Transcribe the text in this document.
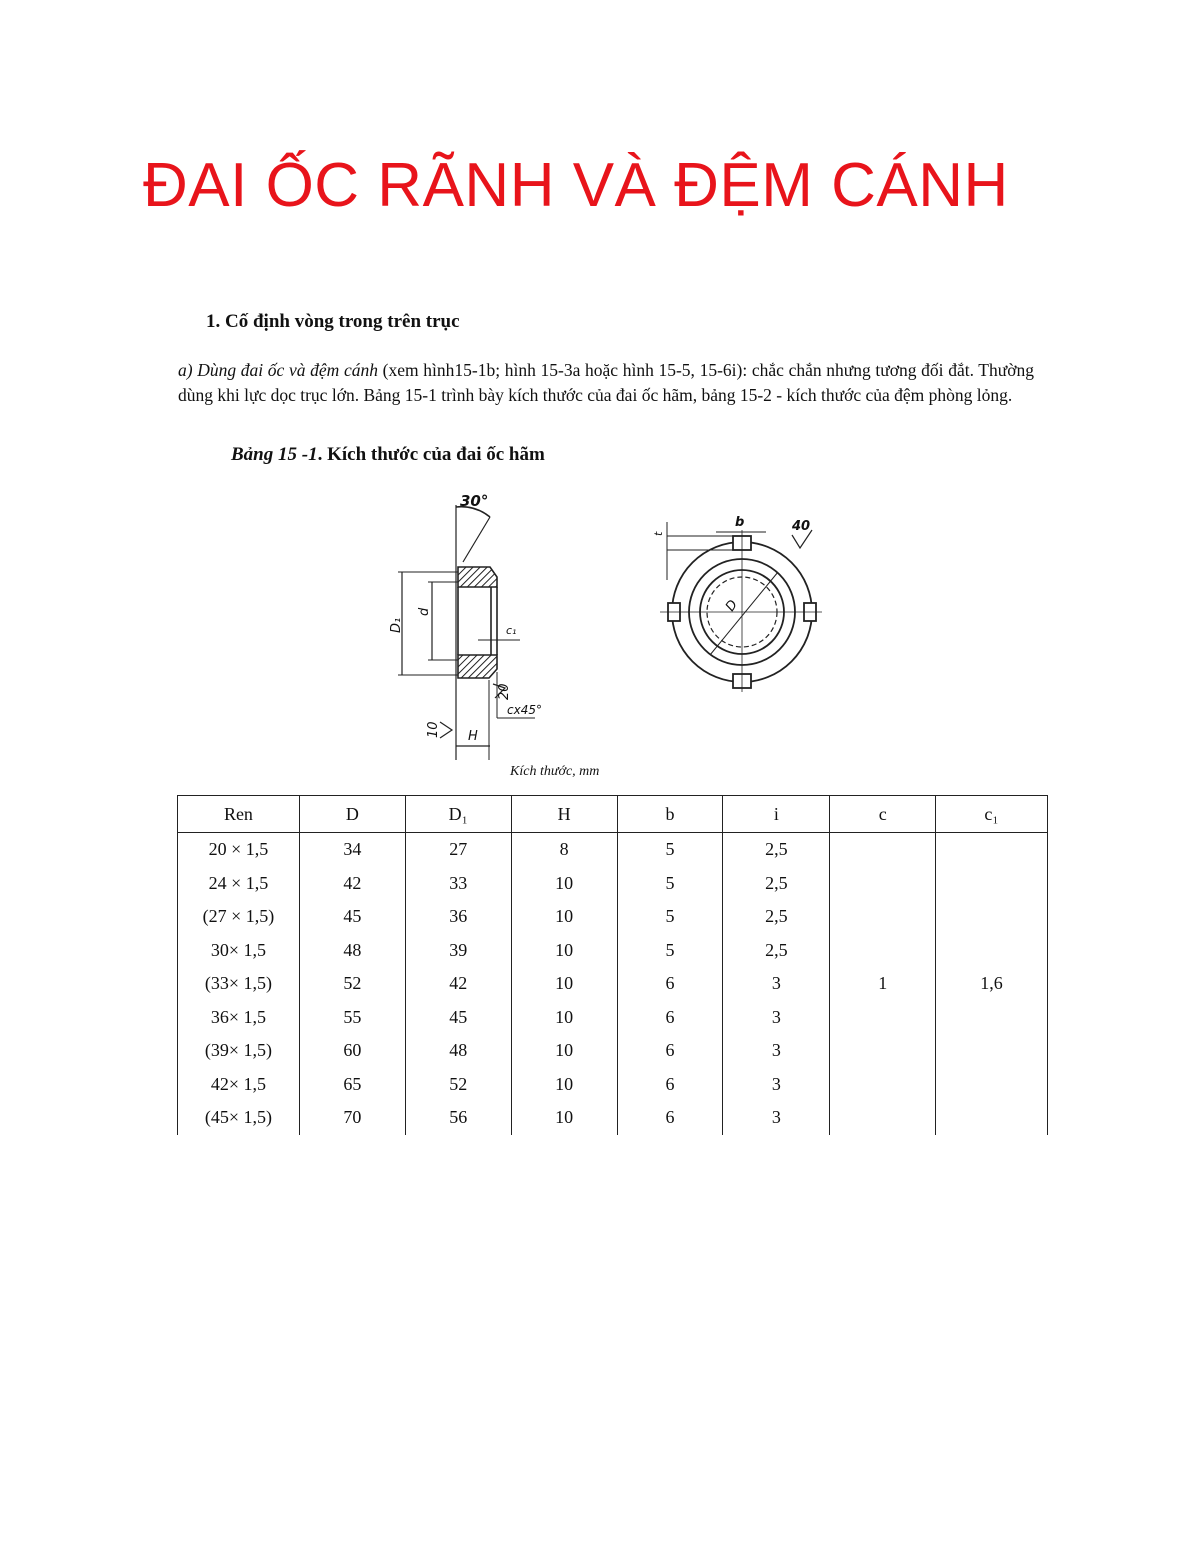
ĐAI ỐC RÃNH VÀ ĐỆM CÁNH
1. Cố định vòng trong trên trục
a) Dùng đai ốc và đệm cánh (xem hình15-1b; hình 15-3a hoặc hình 15-5, 15-6i): chắc chắn nhưng tương đối đắt. Thường dùng khi lực dọc trục lớn. Bảng 15-1 trình bày kích thước của đai ốc hãm, bảng 15-2 - kích thước của đệm phòng lỏng.
Bảng 15 -1. Kích thước của đai ốc hãm
30°
d
D₁	c₁
20
cx45°
10 H
t
b	40
D
Kích thước, mm
Ren	D	D₁	H	b	i	c	c₁
20 × 1,5	34	27	8	5	2,5	1	1,6
24 × 1,5	42	33	10	5	2,5		
(27 × 1,5)	45	36	10	5	2,5		
30× 1,5	48	39	10	5	2,5		
(33× 1,5)	52	42	10	6	3		
36× 1,5	55	45	10	6	3		
(39× 1,5)	60	48	10	6	3		
42× 1,5	65	52	10	6	3		
(45× 1,5)	70	56	10	6	3		
